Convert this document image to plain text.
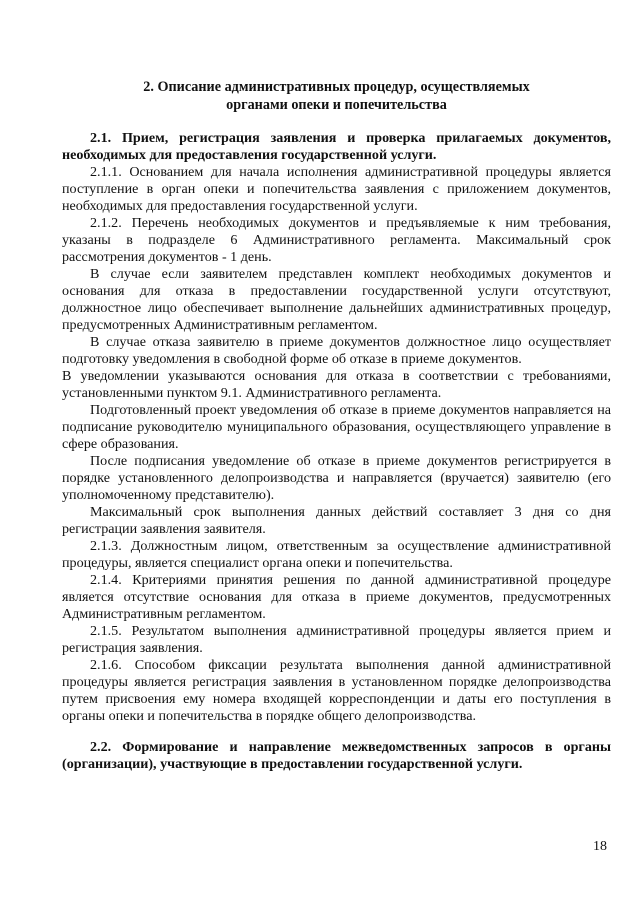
2. Описание административных процедур, осуществляемых
органами опеки и попечительства

2.1. Прием, регистрация заявления и проверка прилагаемых документов, необходимых для предоставления государственной услуги.

2.1.1. Основанием для начала исполнения административной процедуры является поступление в орган опеки и попечительства заявления с приложением документов, необходимых для предоставления государственной услуги.

2.1.2. Перечень необходимых документов и предъявляемые к ним требования, указаны в подразделе 6 Административного регламента. Максимальный срок рассмотрения документов - 1 день.

В случае если заявителем представлен комплект необходимых документов и основания для отказа в предоставлении государственной услуги отсутствуют, должностное лицо обеспечивает выполнение дальнейших административных процедур, предусмотренных Административным регламентом.

В случае отказа заявителю в приеме документов должностное лицо осуществляет подготовку уведомления в свободной форме об отказе в приеме документов.

В уведомлении указываются основания для отказа в соответствии с требованиями, установленными пунктом 9.1. Административного регламента.

Подготовленный проект уведомления об отказе в приеме документов направляется на подписание руководителю муниципального образования, осуществляющего управление в сфере образования.

После подписания уведомление об отказе в приеме документов регистрируется в порядке установленного делопроизводства и направляется (вручается) заявителю (его уполномоченному представителю).

Максимальный срок выполнения данных действий составляет 3 дня со дня регистрации заявления заявителя.

2.1.3. Должностным лицом, ответственным за осуществление административной процедуры, является специалист органа опеки и попечительства.

2.1.4. Критериями принятия решения по данной административной процедуре является отсутствие основания для отказа в приеме документов, предусмотренных Административным регламентом.

2.1.5. Результатом выполнения административной процедуры является прием и регистрация заявления.

2.1.6. Способом фиксации результата выполнения данной административной процедуры является регистрация заявления в установленном порядке делопроизводства путем присвоения ему номера входящей корреспонденции и даты его поступления в органы опеки и попечительства в порядке общего делопроизводства.

2.2. Формирование и направление межведомственных запросов в органы (организации), участвующие в предоставлении государственной услуги.

18
